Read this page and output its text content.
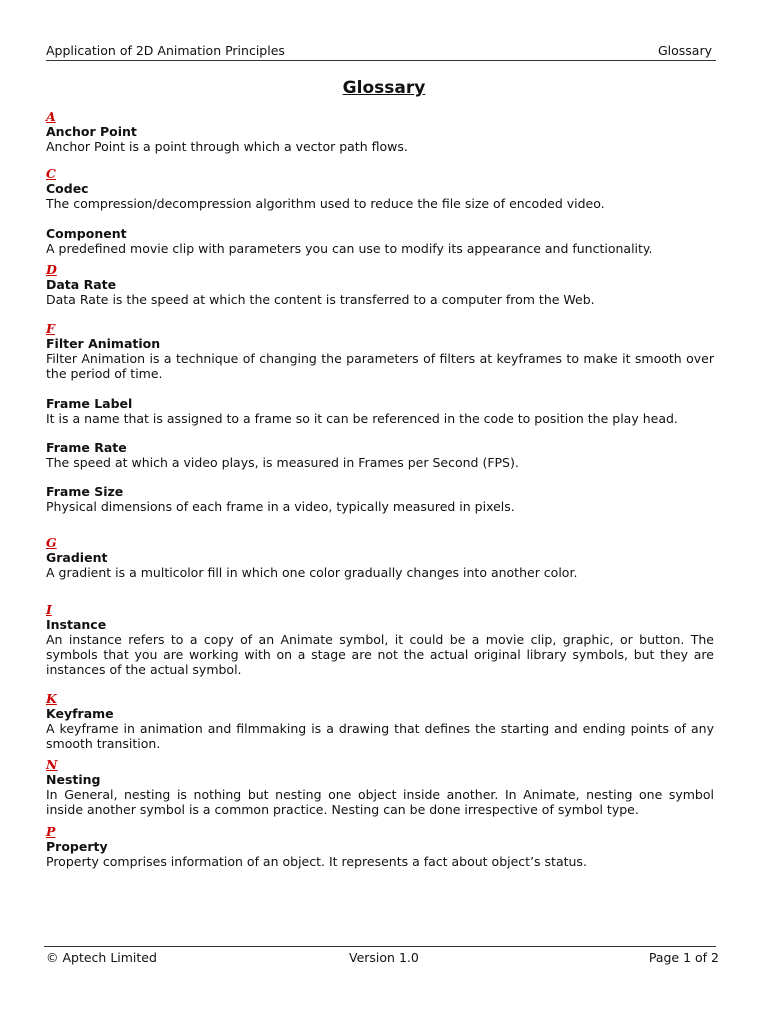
Application of 2D Animation Principles	Glossary
Glossary
A
Anchor Point
Anchor Point is a point through which a vector path flows.
C
Codec
The compression/decompression algorithm used to reduce the file size of encoded video.
Component
A predefined movie clip with parameters you can use to modify its appearance and functionality.
D
Data Rate
Data Rate is the speed at which the content is transferred to a computer from the Web.
F
Filter Animation
Filter Animation is a technique of changing the parameters of filters at keyframes to make it smooth over the period of time.
Frame Label
It is a name that is assigned to a frame so it can be referenced in the code to position the play head.
Frame Rate
The speed at which a video plays, is measured in Frames per Second (FPS).
Frame Size
Physical dimensions of each frame in a video, typically measured in pixels.
G
Gradient
A gradient is a multicolor fill in which one color gradually changes into another color.
I
Instance
An instance refers to a copy of an Animate symbol, it could be a movie clip, graphic, or button. The symbols that you are working with on a stage are not the actual original library symbols, but they are instances of the actual symbol.
K
Keyframe
A keyframe in animation and filmmaking is a drawing that defines the starting and ending points of any smooth transition.
N
Nesting
In General, nesting is nothing but nesting one object inside another. In Animate, nesting one symbol inside another symbol is a common practice. Nesting can be done irrespective of symbol type.
P
Property
Property comprises information of an object. It represents a fact about object’s status.
© Aptech Limited	Version 1.0	Page 1 of 2
